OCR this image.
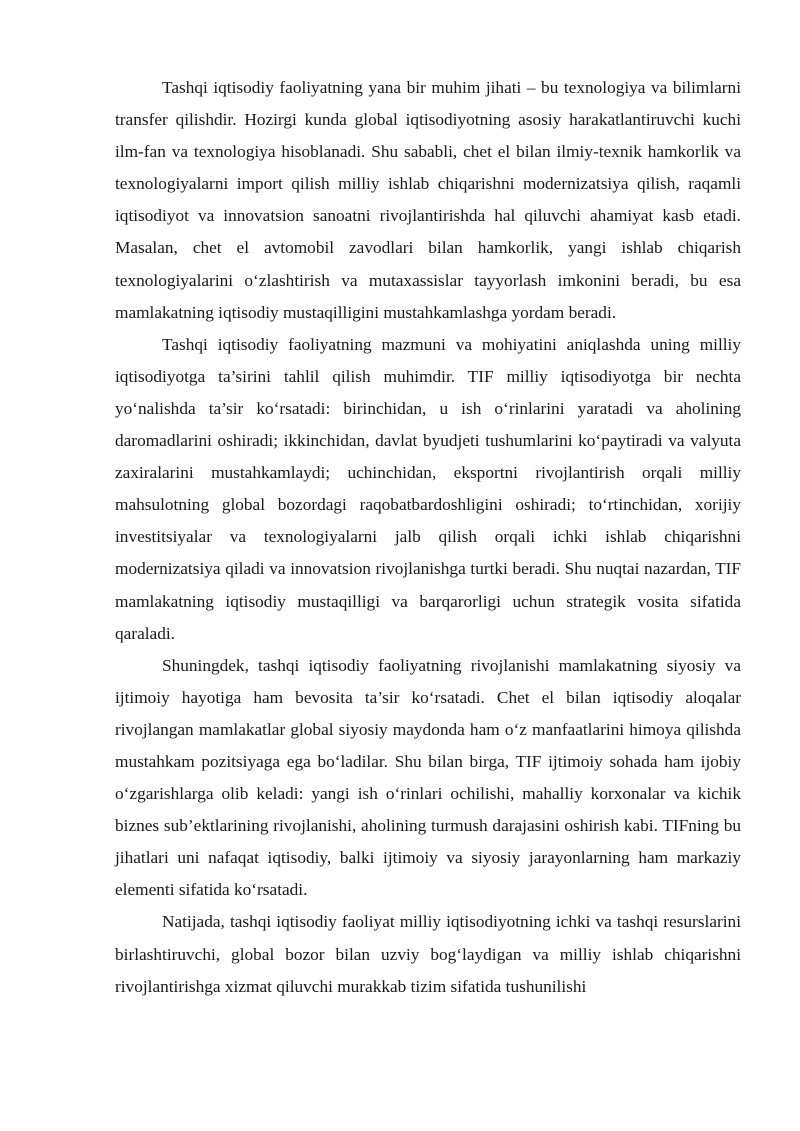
Tashqi iqtisodiy faoliyatning yana bir muhim jihati – bu texnologiya va bilimlarni transfer qilishdir. Hozirgi kunda global iqtisodiyotning asosiy harakatlantiruvchi kuchi ilm-fan va texnologiya hisoblanadi. Shu sababli, chet el bilan ilmiy-texnik hamkorlik va texnologiyalarni import qilish milliy ishlab chiqarishni modernizatsiya qilish, raqamli iqtisodiyot va innovatsion sanoatni rivojlantirishda hal qiluvchi ahamiyat kasb etadi. Masalan, chet el avtomobil zavodlari bilan hamkorlik, yangi ishlab chiqarish texnologiyalarini o‘zlashtirish va mutaxassislar tayyorlash imkonini beradi, bu esa mamlakatning iqtisodiy mustaqilligini mustahkamlashga yordam beradi.

Tashqi iqtisodiy faoliyatning mazmuni va mohiyatini aniqlashda uning milliy iqtisodiyotga ta’sirini tahlil qilish muhimdir. TIF milliy iqtisodiyotga bir nechta yo‘nalishda ta’sir ko‘rsatadi: birinchidan, u ish o‘rinlarini yaratadi va aholining daromadlarini oshiradi; ikkinchidan, davlat byudjeti tushumlarini ko‘paytiradi va valyuta zaxiralarini mustahkamlaydi; uchinchidan, eksportni rivojlantirish orqali milliy mahsulotning global bozordagi raqobatbardoshligini oshiradi; to‘rtinchidan, xorijiy investitsiyalar va texnologiyalarni jalb qilish orqali ichki ishlab chiqarishni modernizatsiya qiladi va innovatsion rivojlanishga turtki beradi. Shu nuqtai nazardan, TIF mamlakatning iqtisodiy mustaqilligi va barqarorligi uchun strategik vosita sifatida qaraladi.

Shuningdek, tashqi iqtisodiy faoliyatning rivojlanishi mamlakatning siyosiy va ijtimoiy hayotiga ham bevosita ta’sir ko‘rsatadi. Chet el bilan iqtisodiy aloqalar rivojlangan mamlakatlar global siyosiy maydonda ham o‘z manfaatlarini himoya qilishda mustahkam pozitsiyaga ega bo‘ladilar. Shu bilan birga, TIF ijtimoiy sohada ham ijobiy o‘zgarishlarga olib keladi: yangi ish o‘rinlari ochilishi, mahalliy korxonalar va kichik biznes sub’ektlarining rivojlanishi, aholining turmush darajasini oshirish kabi. TIFning bu jihatlari uni nafaqat iqtisodiy, balki ijtimoiy va siyosiy jarayonlarning ham markaziy elementi sifatida ko‘rsatadi.

Natijada, tashqi iqtisodiy faoliyat milliy iqtisodiyotning ichki va tashqi resurslarini birlashtiruvchi, global bozor bilan uzviy bog‘laydigan va milliy ishlab chiqarishni rivojlantirishga xizmat qiluvchi murakkab tizim sifatida tushunilishi
